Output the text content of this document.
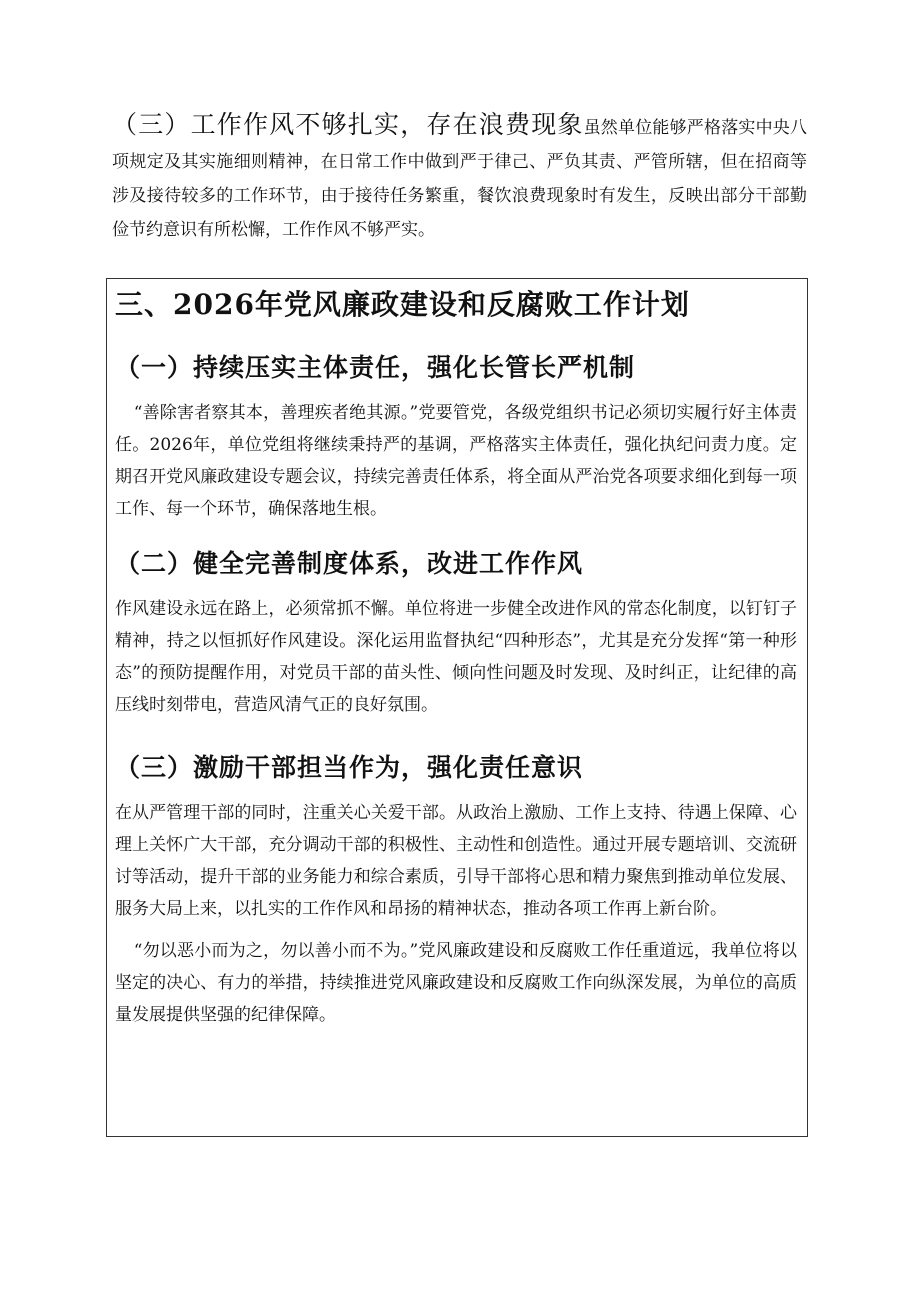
（三）工作作风不够扎实，存在浪费现象虽然单位能够严格落实中央八项规定及其实施细则精神，在日常工作中做到严于律己、严负其责、严管所辖，但在招商等涉及接待较多的工作环节，由于接待任务繁重，餐饮浪费现象时有发生，反映出部分干部勤俭节约意识有所松懈，工作作风不够严实。

三、2026年党风廉政建设和反腐败工作计划
（一）持续压实主体责任，强化长管长严机制

“善除害者察其本，善理疾者绝其源。”党要管党，各级党组织书记必须切实履行好主体责任。2026年，单位党组将继续秉持严的基调，严格落实主体责任，强化执纪问责力度。定期召开党风廉政建设专题会议，持续完善责任体系，将全面从严治党各项要求细化到每一项工作、每一个环节，确保落地生根。

（二）健全完善制度体系，改进工作作风

作风建设永远在路上，必须常抓不懈。单位将进一步健全改进作风的常态化制度，以钉钉子精神，持之以恒抓好作风建设。深化运用监督执纪“四种形态”，尤其是充分发挥“第一种形态”的预防提醒作用，对党员干部的苗头性、倾向性问题及时发现、及时纠正，让纪律的高压线时刻带电，营造风清气正的良好氛围。

（三）激励干部担当作为，强化责任意识

在从严管理干部的同时，注重关心关爱干部。从政治上激励、工作上支持、待遇上保障、心理上关怀广大干部，充分调动干部的积极性、主动性和创造性。通过开展专题培训、交流研讨等活动，提升干部的业务能力和综合素质，引导干部将心思和精力聚焦到推动单位发展、服务大局上来，以扎实的工作作风和昂扬的精神状态，推动各项工作再上新台阶。

“勿以恶小而为之，勿以善小而不为。”党风廉政建设和反腐败工作任重道远，我单位将以坚定的决心、有力的举措，持续推进党风廉政建设和反腐败工作向纵深发展，为单位的高质量发展提供坚强的纪律保障。
